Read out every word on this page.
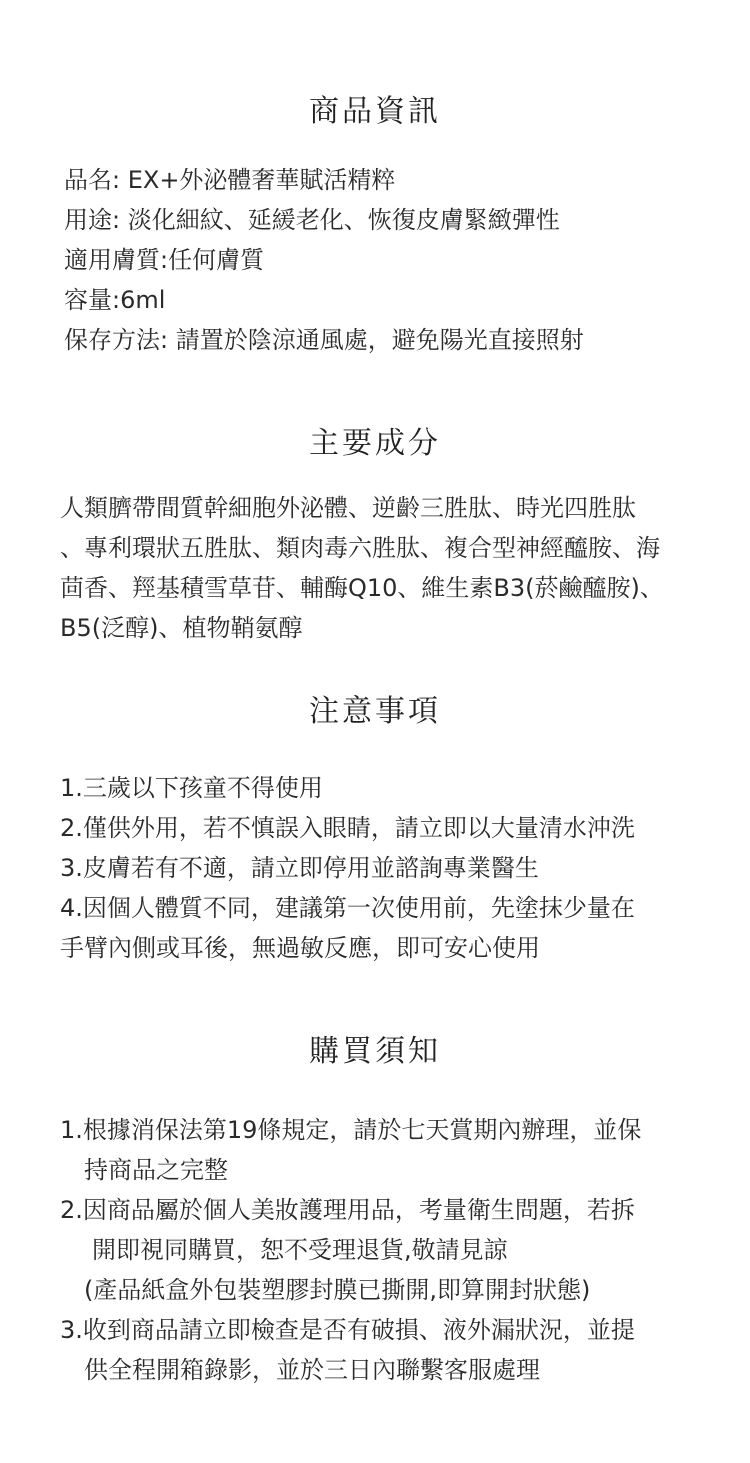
商品資訊
品名: EX+外泌體奢華賦活精粹
用途: 淡化細紋、延緩老化、恢復皮膚緊緻彈性
適用膚質:任何膚質
容量:6ml
保存方法: 請置於陰涼通風處，避免陽光直接照射
主要成分
人類臍帶間質幹細胞外泌體、逆齡三胜肽、時光四胜肽
、專利環狀五胜肽、類肉毒六胜肽、複合型神經醯胺、海
茴香、羥基積雪草苷、輔酶Q10、維生素B3(菸鹼醯胺)、
B5(泛醇)、植物鞘氨醇
注意事項
1.三歲以下孩童不得使用
2.僅供外用，若不慎誤入眼睛，請立即以大量清水沖洗
3.皮膚若有不適，請立即停用並諮詢專業醫生
4.因個人體質不同，建議第一次使用前，先塗抹少量在
手臂內側或耳後，無過敏反應，即可安心使用
購買須知
1.根據消保法第19條規定，請於七天賞期內辦理，並保
持商品之完整
2.因商品屬於個人美妝護理用品，考量衛生問題，若拆
開即視同購買，恕不受理退貨,敬請見諒
(產品紙盒外包裝塑膠封膜已撕開,即算開封狀態)
3.收到商品請立即檢查是否有破損、液外漏狀況，並提
供全程開箱錄影，並於三日內聯繫客服處理
